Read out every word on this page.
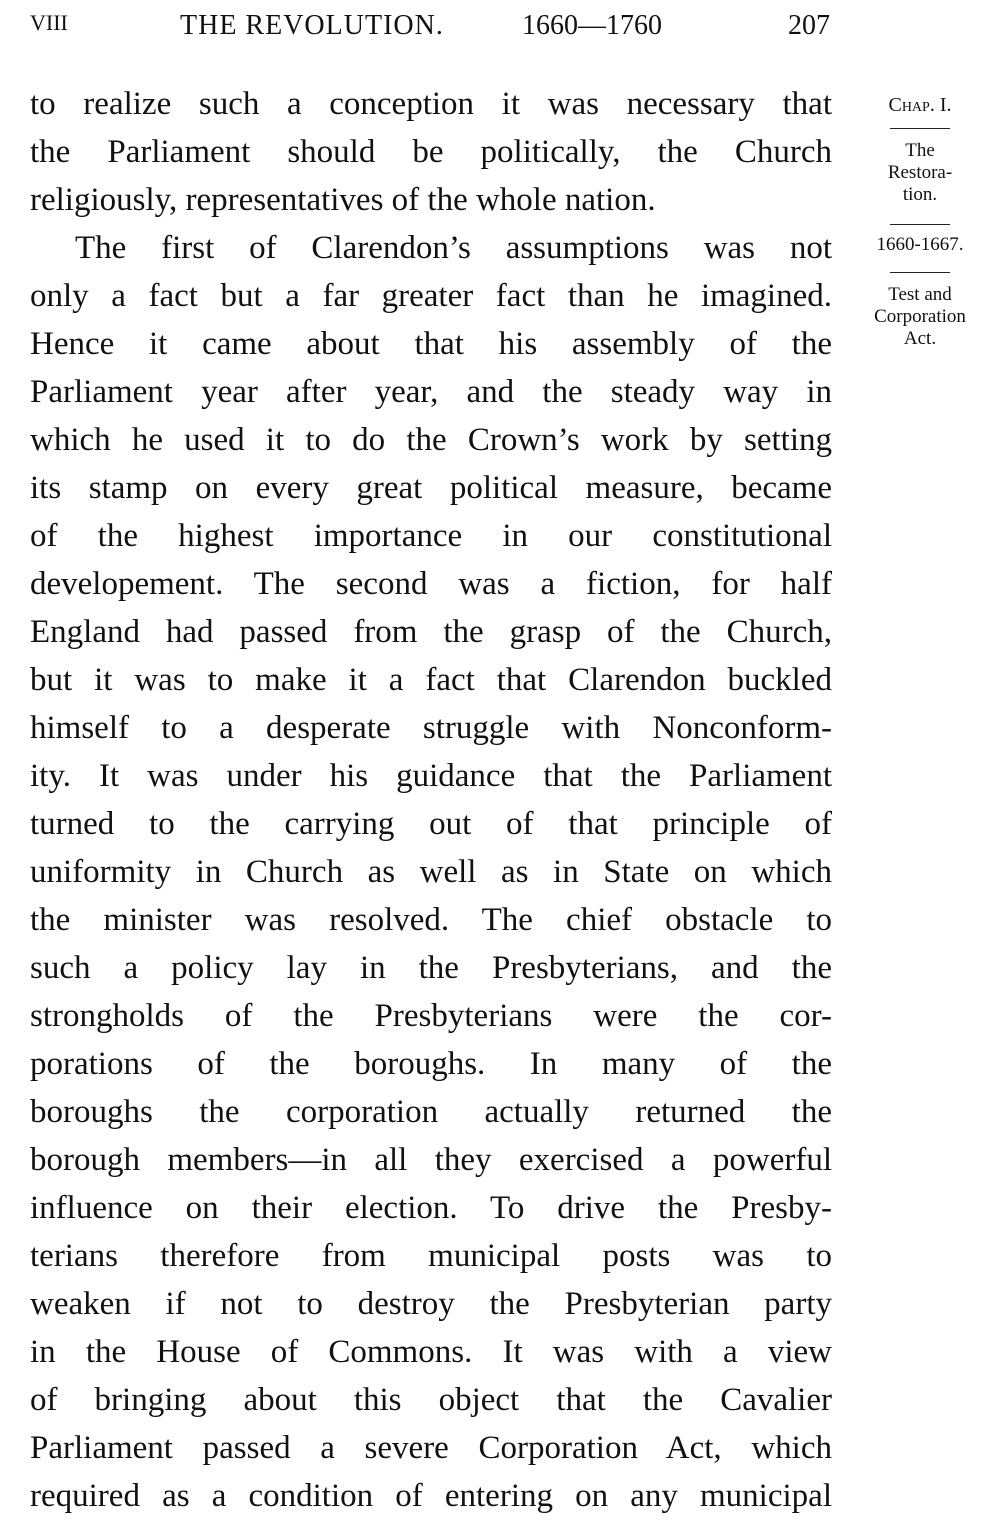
VIII	THE REVOLUTION.	1660—1760	207
to realize such a conception it was necessary that
the Parliament should be politically, the Church
religiously, representatives of the whole nation.
The first of Clarendon’s assumptions was not
only a fact but a far greater fact than he imagined.
Hence it came about that his assembly of the
Parliament year after year, and the steady way in
which he used it to do the Crown’s work by setting
its stamp on every great political measure, became
of the highest importance in our constitutional
developement. The second was a fiction, for half
England had passed from the grasp of the Church,
but it was to make it a fact that Clarendon buckled
himself to a desperate struggle with Nonconform-
ity. It was under his guidance that the Parliament
turned to the carrying out of that principle of
uniformity in Church as well as in State on which
the minister was resolved. The chief obstacle to
such a policy lay in the Presbyterians, and the
strongholds of the Presbyterians were the cor-
porations of the boroughs. In many of the
boroughs the corporation actually returned the
borough members—in all they exercised a powerful
influence on their election. To drive the Presby-
terians therefore from municipal posts was to
weaken if not to destroy the Presbyterian party
in the House of Commons. It was with a view
of bringing about this object that the Cavalier
Parliament passed a severe Corporation Act, which
required as a condition of entering on any municipal
Chap. I.
The
Restora-
tion.
1660-1667.
Test and
Corporation
Act.
